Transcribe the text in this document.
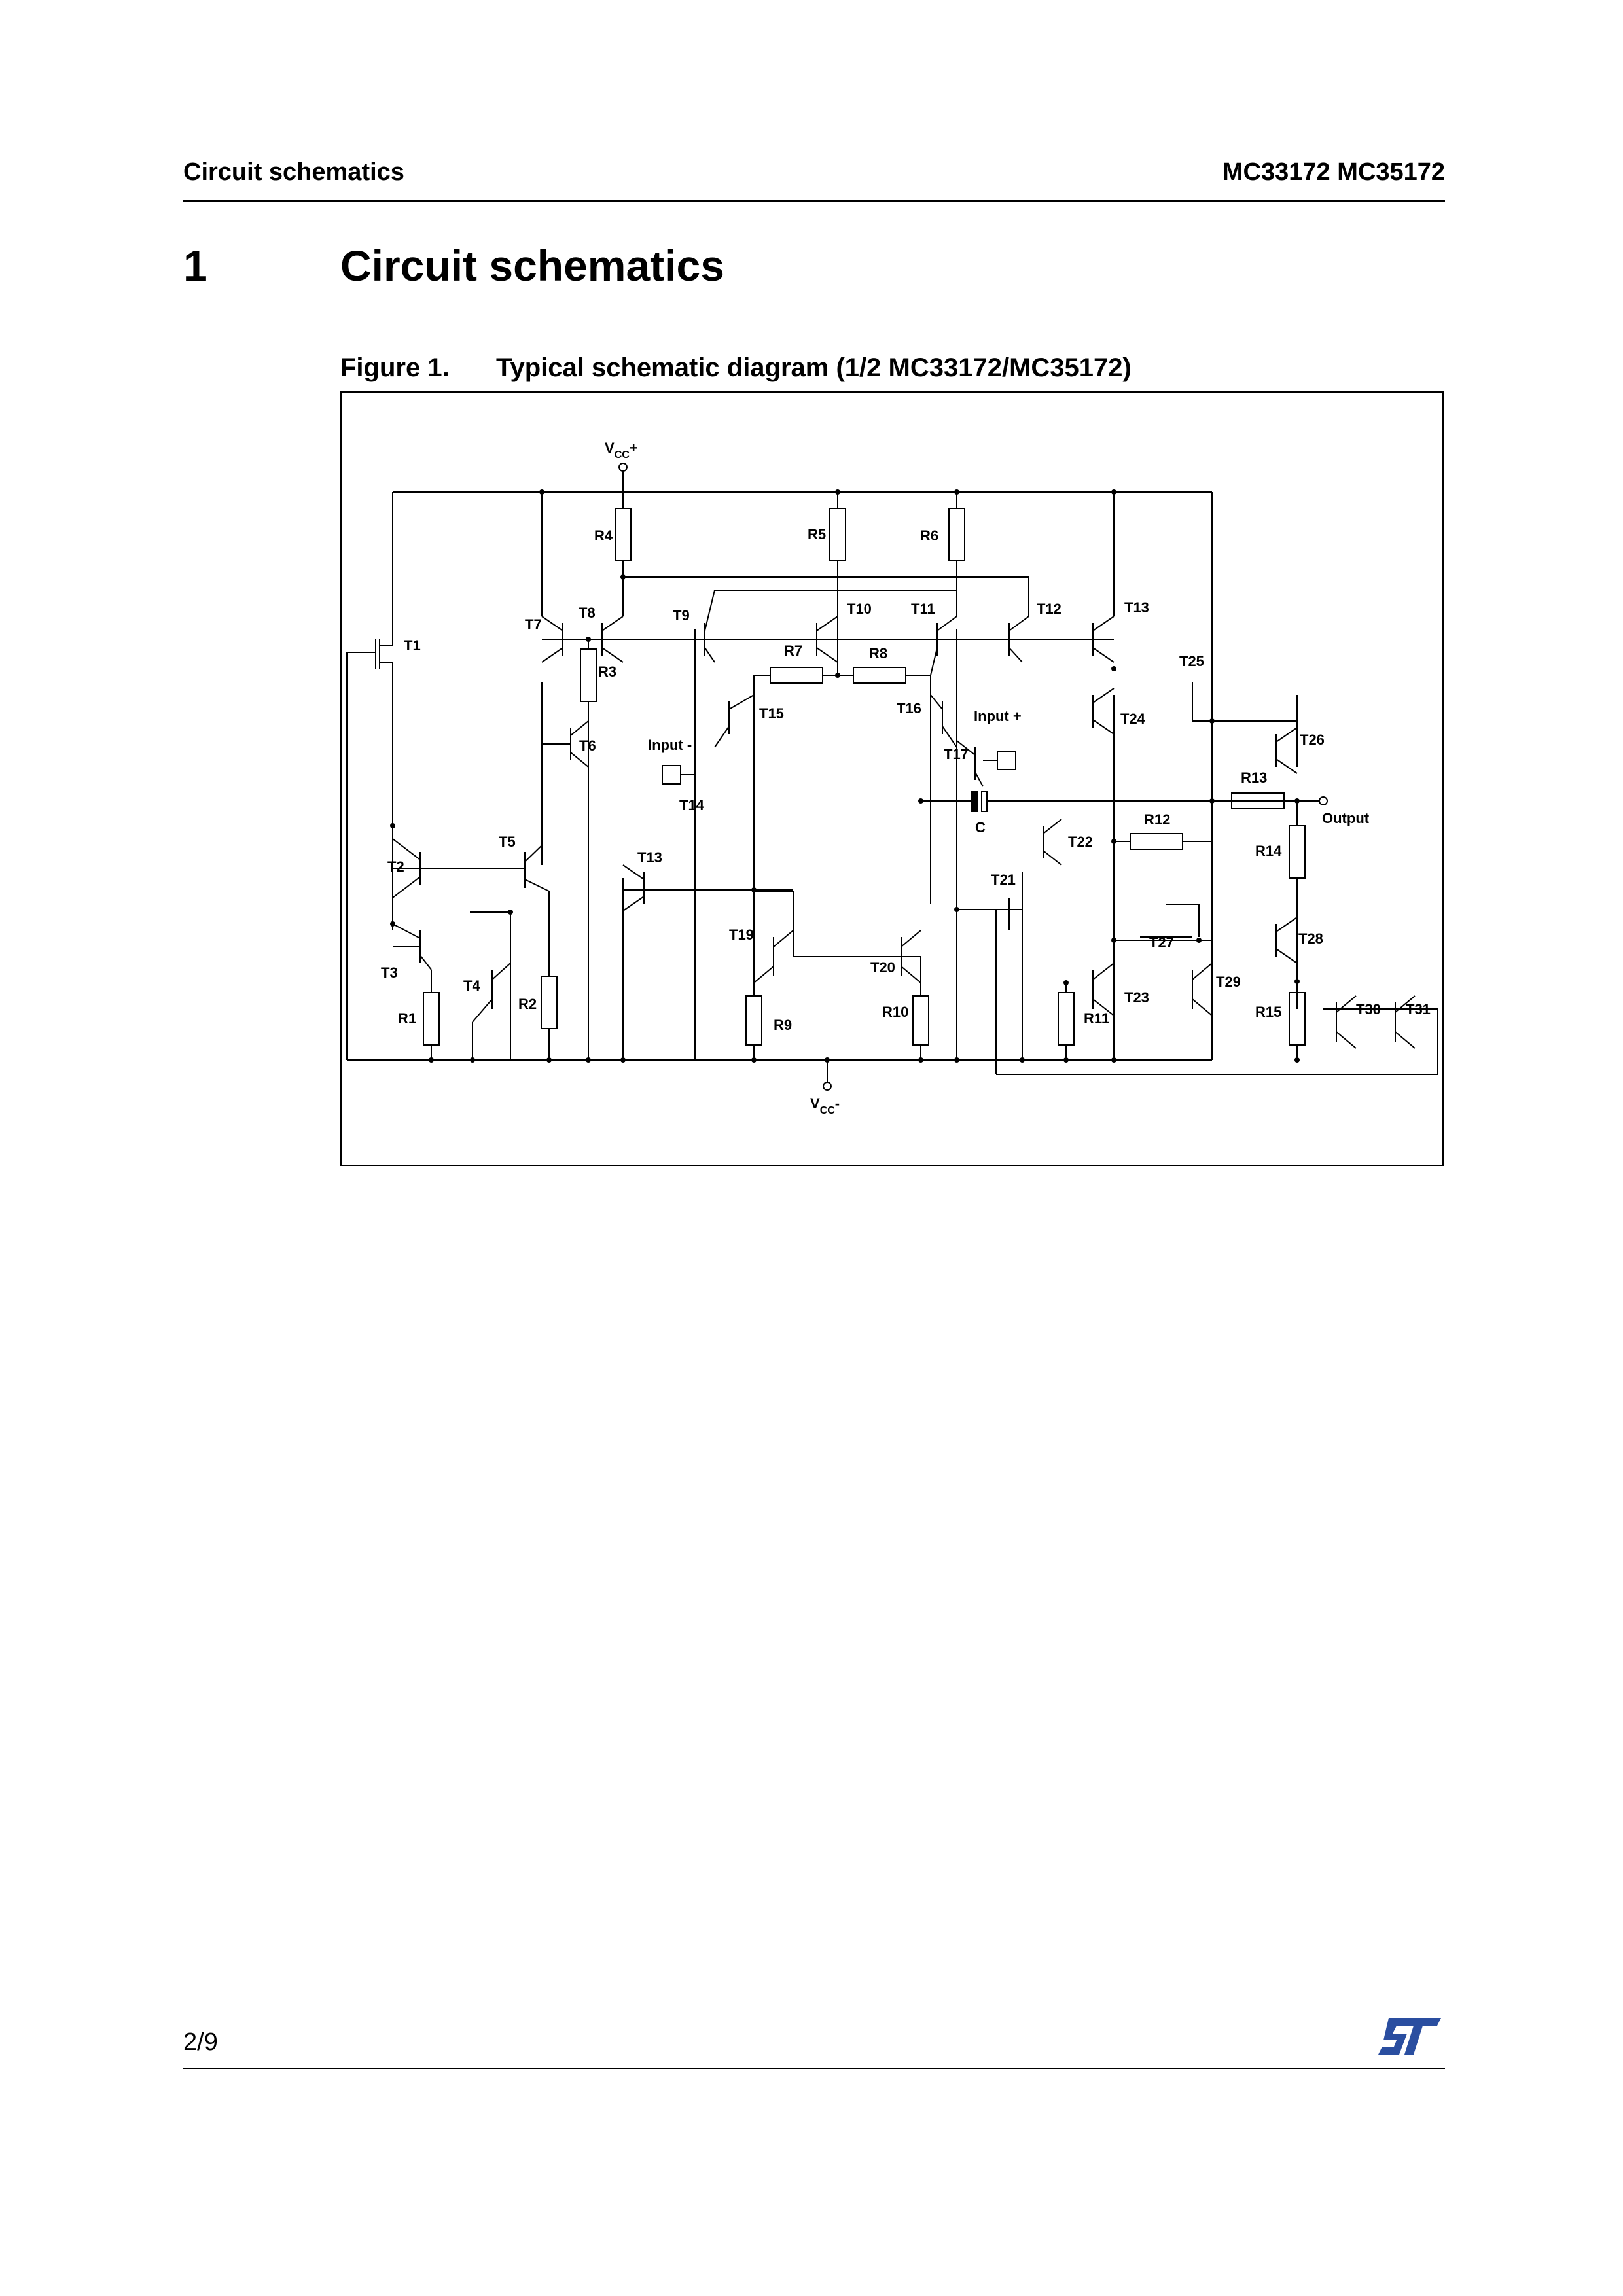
Circuit schematics	MC33172 MC35172
1	Circuit schematics
Figure 1. Typical schematic diagram (1/2 MC33172/MC35172)
$V_{CC}+$
$V_{CC}-$
T1
T2
T3
T4
T5
T6
T7
T8	T9	T10	T11	T12	T13
T13
T14
T15	T16
T17
T19
T20
T21
T22
T23
T24
T25
T26
T27	T28
T29
T30 T31
R1
R2
R3
R4	R5	R6
R7	R8
R9
R10	R11
R12
R13
R14
R15
C
Input -
Input +
Output
2/9
